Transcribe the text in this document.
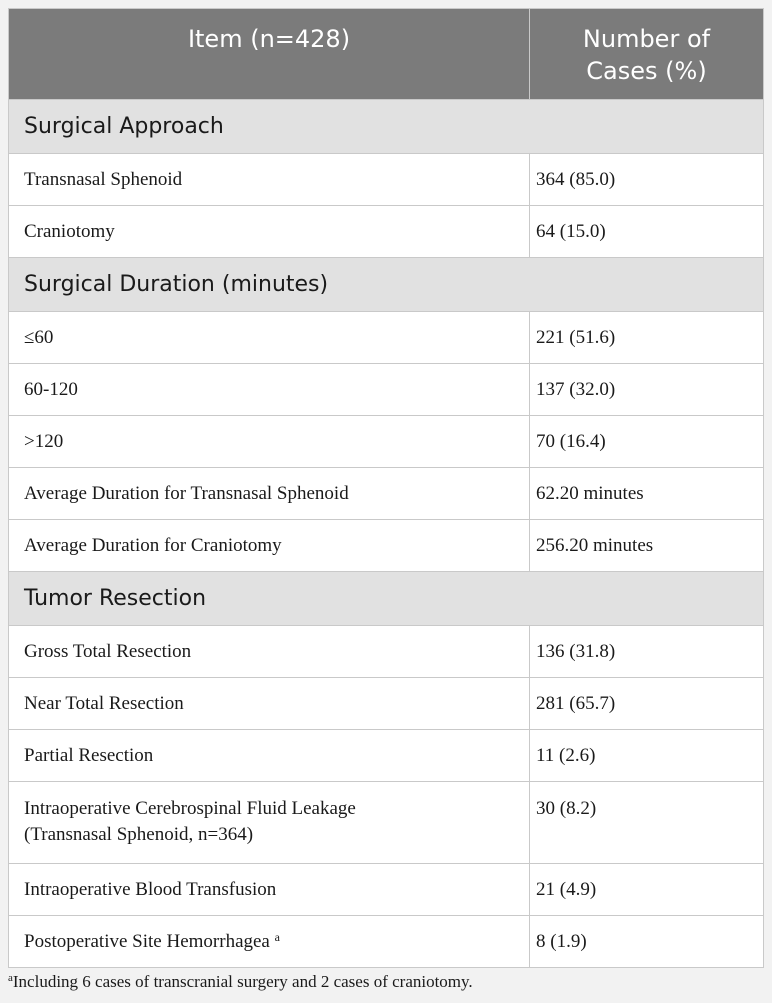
Item (n=428)	Number of
Cases (%)

Surgical Approach	
Transnasal Sphenoid	364 (85.0)
Craniotomy	64 (15.0)
Surgical Duration (minutes)	
≤60	221 (51.6)
60-120	137 (32.0)
>120	70 (16.4)
Average Duration for Transnasal Sphenoid	62.20 minutes
Average Duration for Craniotomy	256.20 minutes
Tumor Resection	
Gross Total Resection	136 (31.8)
Near Total Resection	281 (65.7)
Partial Resection	11 (2.6)

Intraoperative Cerebrospinal Fluid Leakage
(Transnasal Sphenoid, n=364)	30 (8.2)
Intraoperative Blood Transfusion	21 (4.9)
Postoperative Site Hemorrhagea $^a$	8 (1.9)
$^a$Including 6 cases of transcranial surgery and 2 cases of craniotomy.
